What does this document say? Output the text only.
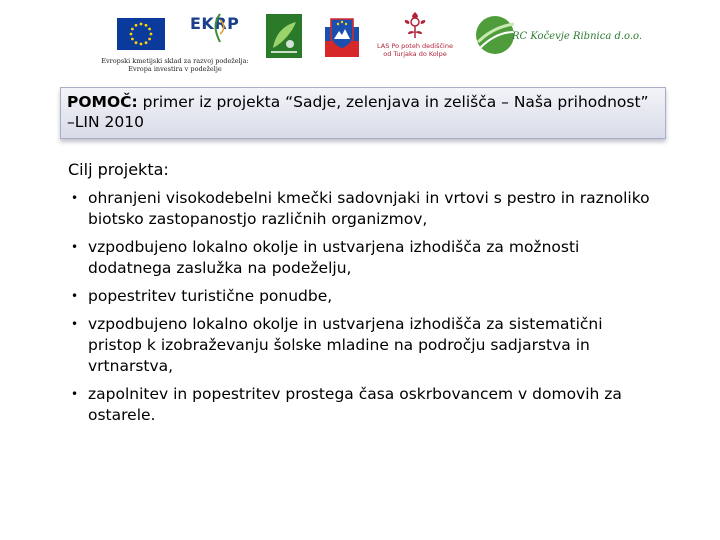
EKRP
Evropski kmetijski sklad za razvoj podeželja:
Evropa investira v podeželje
LAS Po poteh dediščine
od Turjaka do Kolpe
RC Kočevje Ribnica d.o.o.
POMOČ: primer iz projekta “Sadje, zelenjava in zelišča – Naša prihodnost” –LIN 2010
Cilj projekta:
• ohranjeni visokodebelni kmečki sadovnjaki in vrtovi s pestro in raznoliko biotsko zastopanostjo različnih organizmov,
• vzpodbujeno lokalno okolje in ustvarjena izhodišča za možnosti dodatnega zaslužka na podeželju,
• popestritev turistične ponudbe,
• vzpodbujeno lokalno okolje in ustvarjena izhodišča za sistematični pristop k izobraževanju šolske mladine na področju sadjarstva in vrtnarstva,
• zapolnitev in popestritev prostega časa oskrbovancem v domovih za ostarele.
